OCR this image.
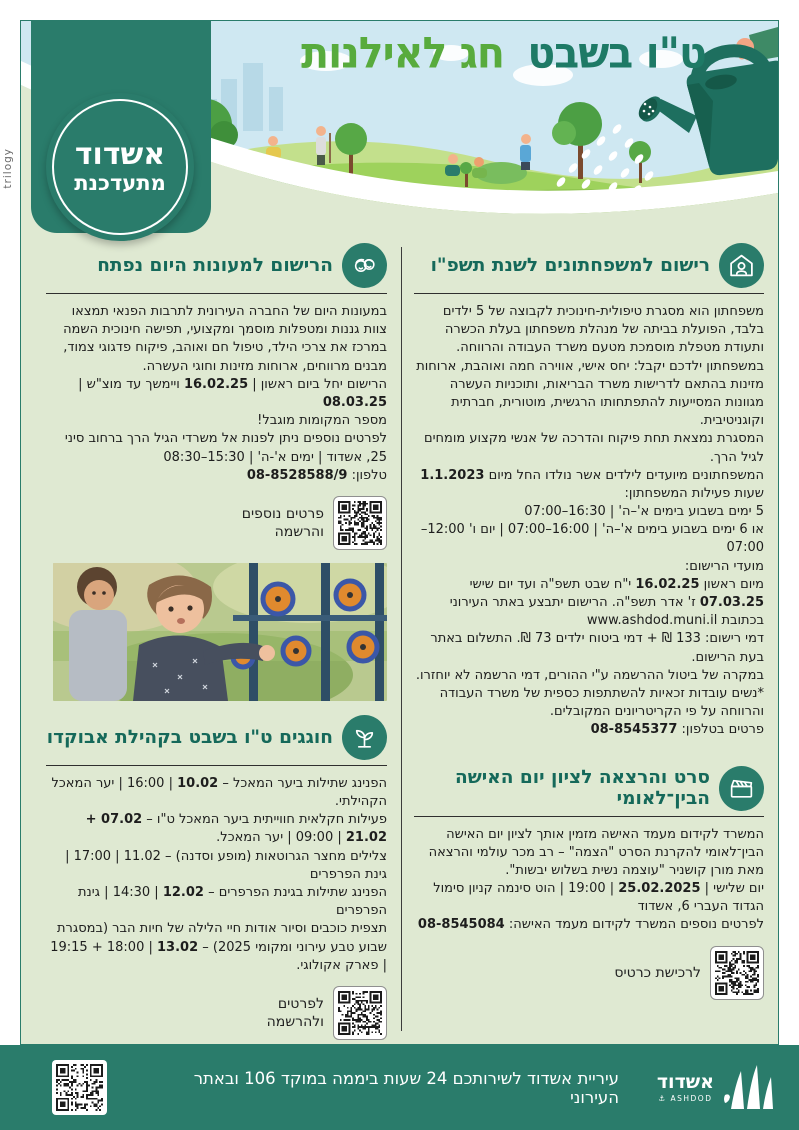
trilogy
ט"ו בשבט חג לאילנות
אשדוד
מתעדכנת
רישום למשפחתונים לשנת תשפ"ו

משפחתון הוא מסגרת טיפולית-חינוכית לקבוצה של 5 ילדים בלבד, הפועלת בביתה של מנהלת משפחתון בעלת הכשרה ותעודת מטפלת מוסמכת מטעם משרד העבודה והרווחה.

במשפחתון ילדכם יקבל: יחס אישי, אווירה חמה ואוהבת, ארוחות מזינות בהתאם לדרישות משרד הבריאות, ותוכניות העשרה מגוונות המסייעות להתפתחותו הרגשית, מוטורית, חברתית וקוגניטיבית.

המסגרת נמצאת תחת פיקוח והדרכה של אנשי מקצוע מומחים לגיל הרך.

המשפחתונים מיועדים לילדים אשר נולדו החל מיום 1.1.2023

שעות פעילות המשפחתון:

5 ימים בשבוע בימים א'–ה' | 16:30–07:00

או 6 ימים בשבוע בימים א'–ה' | 16:00–07:00 | יום ו' 12:00–07:00

מועדי הרישום:

מיום ראשון 16.02.25 י"ח שבט תשפ"ה ועד יום שישי 07.03.25 ז' אדר תשפ"ה. הרישום יתבצע באתר העירוני בכתובת www.ashdod.muni.il

דמי רישום: 133 ₪ + דמי ביטוח ילדים 73 ₪. התשלום באתר בעת הרישום.

במקרה של ביטול ההרשמה ע"י ההורים, דמי הרשמה לא יוחזרו.

*נשים עובדות זכאיות להשתתפות כספית של משרד העבודה והרווחה על פי הקריטריונים המקובלים.

פרטים בטלפון: 08-8545377

סרט והרצאה לציון יום האישה הבין־לאומי

המשרד לקידום מעמד האישה מזמין אותך לציון יום האישה הבין־לאומי להקרנת הסרט "הצמה" – רב מכר עולמי והרצאה מאת מורן קושניר "עוצמה נשית בשלוש יבשות".

יום שלישי | 25.02.2025 | 19:00 | הוט סינמה קניון סימול הגדוד העברי 6, אשדוד

לפרטים נוספים המשרד לקידום מעמד האישה: 08-8545084

לרכישת כרטיס
הרישום למעונות היום נפתח

במעונות היום של החברה העירונית לתרבות הפנאי תמצאו צוות גננות ומטפלות מוסמך ומקצועי, תפישה חינוכית השמה במרכז את צרכי הילד, טיפול חם ואוהב, פיקוח פדגוגי צמוד, מבנים מרווחים, ארוחות מזינות וחוגי העשרה.

הרישום יחל ביום ראשון | 16.02.25 ויימשך עד מוצ"ש | 08.03.25

מספר המקומות מוגבל!

לפרטים נוספים ניתן לפנות אל משרדי הגיל הרך ברחוב סיני 25, אשדוד | ימים א'-ה' | 15:30–08:30

טלפון: 08-8528588/9

פרטים נוספים והרשמה
חוגגים ט"ו בשבט בקהילת אבוקדו

הפנינג שתילות ביער המאכל – 10.02 | 16:00 | יער המאכל הקהילתי.

פעילות חקלאית חווייתית ביער המאכל ט"ו – 07.02 + 21.02 | 09:00 | יער המאכל.

צלילים מחצר הגרוטאות (מופע וסדנה) – 11.02 | 17:00 | גינת הפרפרים

הפנינג שתילות בגינת הפרפרים – 12.02 | 14:30 | גינת הפרפרים

תצפית כוכבים וסיור אודות חיי הלילה של חיות הבר (במסגרת שבוע טבע עירוני ומקומי 2025) – 13.02 | 18:00 + 19:15 | פארק אקולוגי.

לפרטים ולהרשמה
עיריית אשדוד לשירותכם 24 שעות ביממה במוקד 106 ובאתר העירוני
אשדוד
⚓ ASHDOD
